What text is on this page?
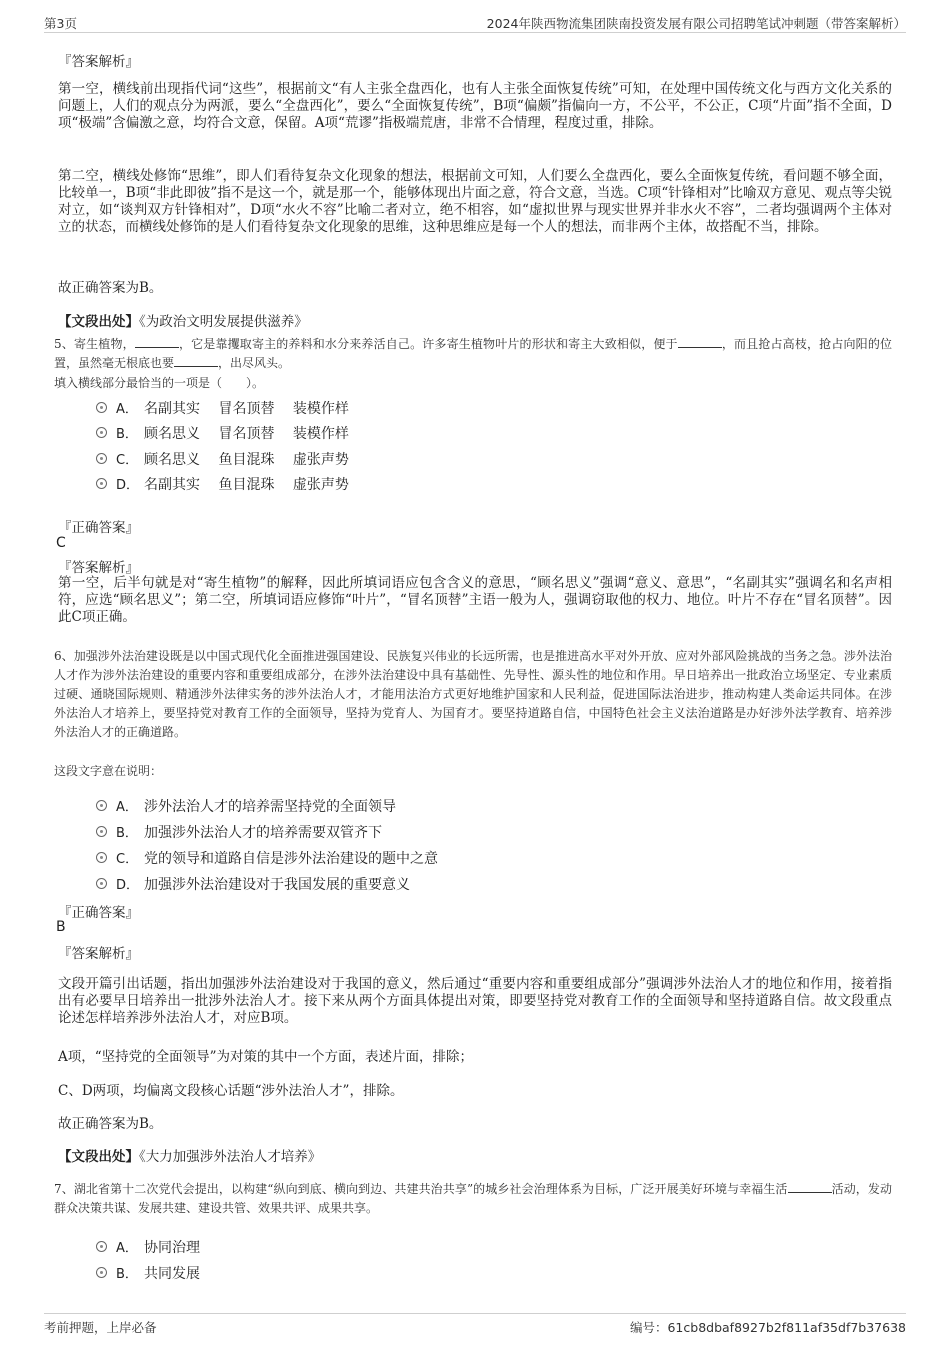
第3页	2024年陕西物流集团陕南投资发展有限公司招聘笔试冲刺题（带答案解析）
『答案解析』
第一空，横线前出现指代词“这些”，根据前文“有人主张全盘西化，也有人主张全面恢复传统”可知，在处理中国传统文化与西方文化关系的问题上，人们的观点分为两派，要么“全盘西化”，要么“全面恢复传统”，B项“偏颇”指偏向一方，不公平，不公正，C项“片面”指不全面，D项“极端”含偏激之意，均符合文意，保留。A项“荒谬”指极端荒唐，非常不合情理，程度过重，排除。
第二空，横线处修饰“思维”，即人们看待复杂文化现象的想法，根据前文可知，人们要么全盘西化，要么全面恢复传统，看问题不够全面，比较单一，B项“非此即彼”指不是这一个，就是那一个，能够体现出片面之意，符合文意，当选。C项“针锋相对”比喻双方意见、观点等尖锐对立，如“谈判双方针锋相对”，D项“水火不容”比喻二者对立，绝不相容，如“虚拟世界与现实世界并非水火不容”，二者均强调两个主体对立的状态，而横线处修饰的是人们看待复杂文化现象的思维，这种思维应是每一个人的想法，而非两个主体，故搭配不当，排除。
故正确答案为B。
【文段出处】《为政治文明发展提供滋养》
5、寄生植物，	，它是靠攫取寄主的养料和水分来养活自己。许多寄生植物叶片的形状和寄主大致相似，便于	，而且抢占高枝，抢占向阳的位置，虽然毫无根底也要	，出尽风头。
填入横线部分最恰当的一项是（　　）。
A． 名副其实　 冒名顶替　 装模作样
B． 顾名思义　 冒名顶替　 装模作样
C． 顾名思义　 鱼目混珠　 虚张声势
D． 名副其实　 鱼目混珠　 虚张声势
『正确答案』
C
『答案解析』
第一空，后半句就是对“寄生植物”的解释，因此所填词语应包含含义的意思，“顾名思义”强调“意义、意思”，“名副其实”强调名和名声相符，应选“顾名思义”；第二空，所填词语应修饰“叶片”，“冒名顶替”主语一般为人，强调窃取他的权力、地位。叶片不存在“冒名顶替”。因此C项正确。
6、加强涉外法治建设既是以中国式现代化全面推进强国建设、民族复兴伟业的长远所需，也是推进高水平对外开放、应对外部风险挑战的当务之急。涉外法治人才作为涉外法治建设的重要内容和重要组成部分，在涉外法治建设中具有基础性、先导性、源头性的地位和作用。早日培养出一批政治立场坚定、专业素质过硬、通晓国际规则、精通涉外法律实务的涉外法治人才，才能用法治方式更好地维护国家和人民利益，促进国际法治进步，推动构建人类命运共同体。在涉外法治人才培养上，要坚持党对教育工作的全面领导，坚持为党育人、为国育才。要坚持道路自信，中国特色社会主义法治道路是办好涉外法学教育、培养涉外法治人才的正确道路。
这段文字意在说明：
A． 涉外法治人才的培养需坚持党的全面领导
B． 加强涉外法治人才的培养需要双管齐下
C． 党的领导和道路自信是涉外法治建设的题中之意
D． 加强涉外法治建设对于我国发展的重要意义
『正确答案』
B
『答案解析』
文段开篇引出话题，指出加强涉外法治建设对于我国的意义，然后通过“重要内容和重要组成部分”强调涉外法治人才的地位和作用，接着指出有必要早日培养出一批涉外法治人才。接下来从两个方面具体提出对策，即要坚持党对教育工作的全面领导和坚持道路自信。故文段重点论述怎样培养涉外法治人才，对应B项。
A项，“坚持党的全面领导”为对策的其中一个方面，表述片面，排除；
C、D两项，均偏离文段核心话题“涉外法治人才”，排除。
故正确答案为B。
【文段出处】《大力加强涉外法治人才培养》
7、湖北省第十二次党代会提出，以构建“纵向到底、横向到边、共建共治共享”的城乡社会治理体系为目标，广泛开展美好环境与幸福生活	活动，发动群众决策共谋、发展共建、建设共管、效果共评、成果共享。
A． 协同治理
B． 共同发展
考前押题，上岸必备	编号：61cb8dbaf8927b2f811af35df7b37638
